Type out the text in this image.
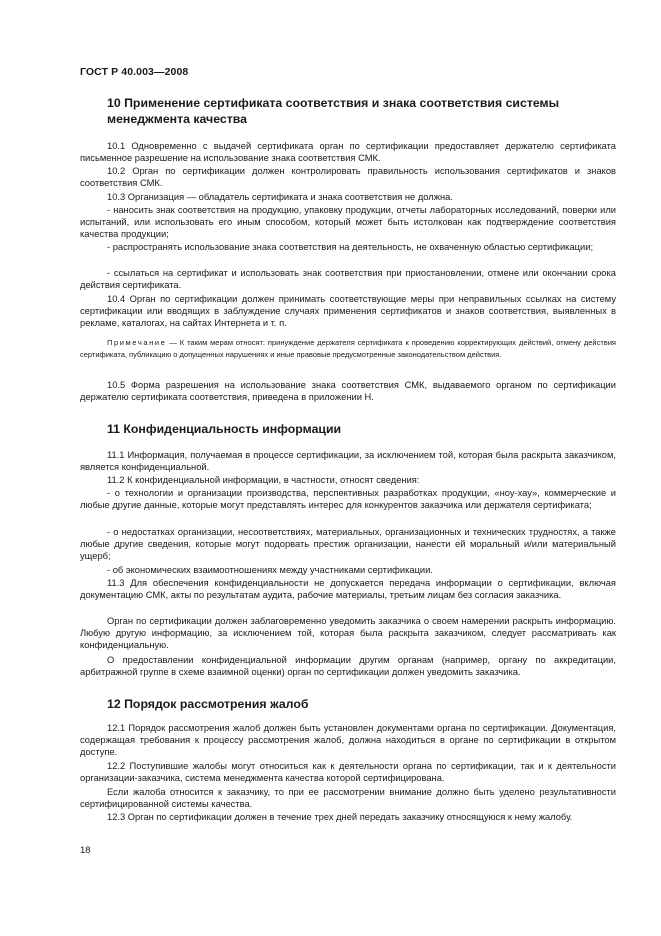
ГОСТ Р 40.003—2008
10 Применение сертификата соответствия и знака соответствия системы менеджмента качества
10.1 Одновременно с выдачей сертификата орган по сертификации предоставляет держателю сертификата письменное разрешение на использование знака соответствия СМК.
10.2 Орган по сертификации должен контролировать правильность использования сертификатов и знаков соответствия СМК.
10.3 Организация — обладатель сертификата и знака соответствия не должна.
- наносить знак соответствия на продукцию, упаковку продукции, отчеты лабораторных исследований, поверки или испытаний, или использовать его иным способом, который может быть истолкован как подтверждение соответствия качества продукции;
- распространять использование знака соответствия на деятельность, не охваченную областью сертификации;
- ссылаться на сертификат и использовать знак соответствия при приостановлении, отмене или окончании срока действия сертификата.
10.4 Орган по сертификации должен принимать соответствующие меры при неправильных ссылках на систему сертификации или вводящих в заблуждение случаях применения сертификатов и знаков соответствия, выявленных в рекламе, каталогах, на сайтах Интернета и т. п.
Примечание — К таким мерам относят: принуждение держателя сертификата к проведению корректирующих действий, отмену действия сертификата, публикацию о допущенных нарушениях и иные правовые предусмотренные законодательством действия.
10.5 Форма разрешения на использование знака соответствия СМК, выдаваемого органом по сертификации держателю сертификата соответствия, приведена в приложении Н.
11 Конфиденциальность информации
11.1 Информация, получаемая в процессе сертификации, за исключением той, которая была раскрыта заказчиком, является конфиденциальной.
11.2 К конфиденциальной информации, в частности, относят сведения:
- о технологии и организации производства, перспективных разработках продукции, «ноу-хау», коммерческие и любые другие данные, которые могут представлять интерес для конкурентов заказчика или держателя сертификата;
- о недостатках организации, несоответствиях, материальных, организационных и технических трудностях, а также любые другие сведения, которые могут подорвать престиж организации, нанести ей моральный и/или материальный ущерб;
- об экономических взаимоотношениях между участниками сертификации.
11.3 Для обеспечения конфиденциальности не допускается передача информации о сертификации, включая документацию СМК, акты по результатам аудита, рабочие материалы, третьим лицам без согласия заказчика.
Орган по сертификации должен заблаговременно уведомить заказчика о своем намерении раскрыть информацию. Любую другую информацию, за исключением той, которая была раскрыта заказчиком, следует рассматривать как конфиденциальную.
О предоставлении конфиденциальной информации другим органам (например, органу по аккредитации, арбитражной группе в схеме взаимной оценки) орган по сертификации должен уведомить заказчика.
12 Порядок рассмотрения жалоб
12.1 Порядок рассмотрения жалоб должен быть установлен документами органа по сертификации. Документация, содержащая требования к процессу рассмотрения жалоб, должна находиться в органе по сертификации в открытом доступе.
12.2 Поступившие жалобы могут относиться как к деятельности органа по сертификации, так и к деятельности организации-заказчика, система менеджмента качества которой сертифицирована.
Если жалоба относится к заказчику, то при ее рассмотрении внимание должно быть уделено результативности сертифицированной системы качества.
12.3 Орган по сертификации должен в течение трех дней передать заказчику относящуюся к нему жалобу.
18
